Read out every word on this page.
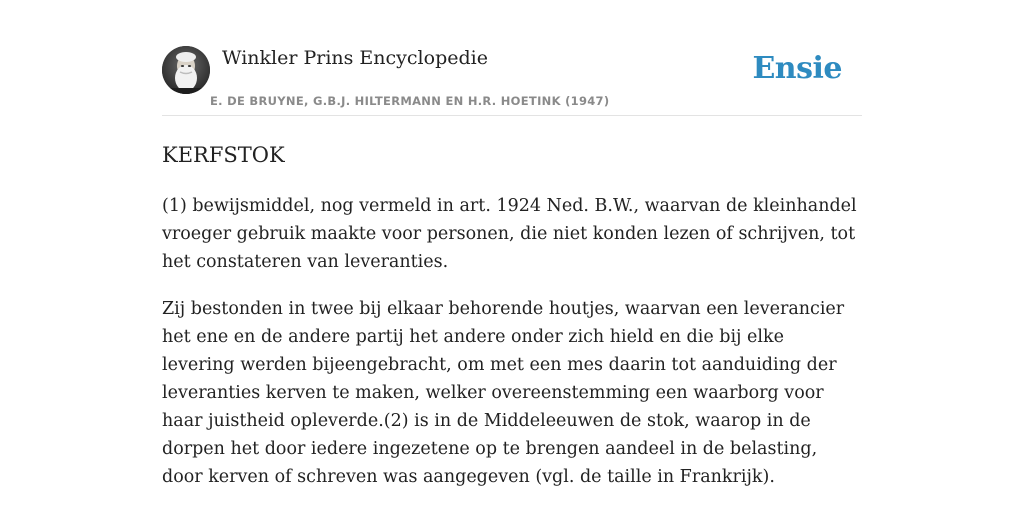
Winkler Prins Encyclopedie
E. DE BRUYNE, G.B.J. HILTERMANN EN H.R. HOETINK (1947)
Ensie
KERFSTOK

(1) bewijsmiddel, nog vermeld in art. 1924 Ned. B.W., waarvan de kleinhandel vroeger gebruik maakte voor personen, die niet konden lezen of schrijven, tot het constateren van leveranties.

Zij bestonden in twee bij elkaar behorende houtjes, waarvan een leverancier het ene en de andere partij het andere onder zich hield en die bij elke levering werden bijeengebracht, om met een mes daarin tot aanduiding der leveranties kerven te maken, welker overeenstemming een waarborg voor haar juistheid opleverde.(2) is in de Middeleeuwen de stok, waarop in de dorpen het door iedere ingezetene op te brengen aandeel in de belasting, door kerven of schreven was aangegeven (vgl. de taille in Frankrijk).
